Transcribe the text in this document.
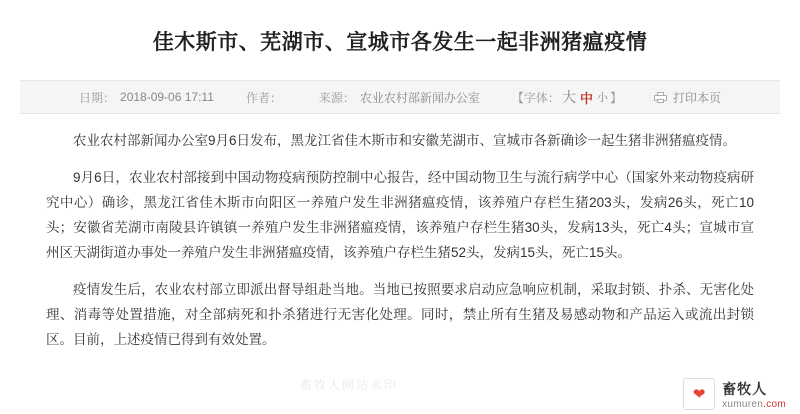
佳木斯市、芜湖市、宣城市各发生一起非洲猪瘟疫情
日期： 2018-09-06 17:11	作者：	来源： 农业农村部新闻办公室	【字体： 大 中 小 】	打印本页

农业农村部新闻办公室9月6日发布，黑龙江省佳木斯市和安徽芜湖市、宣城市各新确诊一起生猪非洲猪瘟疫情。

9月6日，农业农村部接到中国动物疫病预防控制中心报告，经中国动物卫生与流行病学中心（国家外来动物疫病研究中心）确诊，黑龙江省佳木斯市向阳区一养殖户发生非洲猪瘟疫情，该养殖户存栏生猪203头，发病26头，死亡10头；安徽省芜湖市南陵县许镇镇一养殖户发生非洲猪瘟疫情，该养殖户存栏生猪30头，发病13头，死亡4头；宣城市宣州区天湖街道办事处一养殖户发生非洲猪瘟疫情，该养殖户存栏生猪52头，发病15头，死亡15头。

疫情发生后，农业农村部立即派出督导组赴当地。当地已按照要求启动应急响应机制，采取封锁、扑杀、无害化处理、消毒等处置措施，对全部病死和扑杀猪进行无害化处理。同时，禁止所有生猪及易感动物和产品运入或流出封锁区。目前，上述疫情已得到有效处置。

畜牧人网站水印
❤ 畜牧人
xumuren.com
